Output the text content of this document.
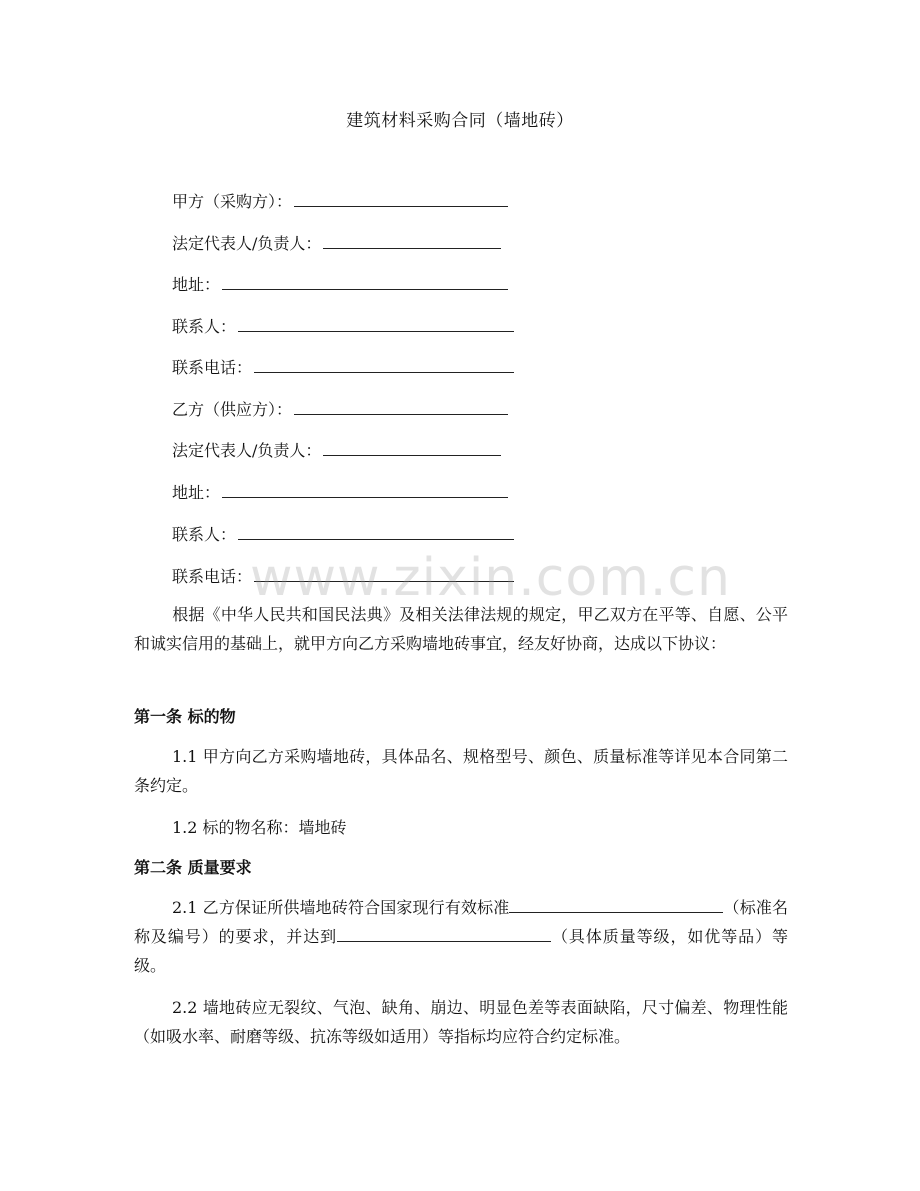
建筑材料采购合同（墙地砖）
甲方（采购方）：
法定代表人/负责人：
地址：
联系人：
联系电话：
乙方（供应方）：
法定代表人/负责人：
地址：
联系人：
联系电话：
根据《中华人民共和国民法典》及相关法律法规的规定，甲乙双方在平等、自愿、公平和诚实信用的基础上，就甲方向乙方采购墙地砖事宜，经友好协商，达成以下协议：
第一条 标的物
1.1 甲方向乙方采购墙地砖，具体品名、规格型号、颜色、质量标准等详见本合同第二条约定。
1.2 标的物名称：墙地砖
第二条 质量要求
2.1 乙方保证所供墙地砖符合国家现行有效标准	（标准名称及编号）的要求，并达到	（具体质量等级，如优等品）等级。
2.2 墙地砖应无裂纹、气泡、缺角、崩边、明显色差等表面缺陷，尺寸偏差、物理性能（如吸水率、耐磨等级、抗冻等级如适用）等指标均应符合约定标准。
www.zixin.com.cn
